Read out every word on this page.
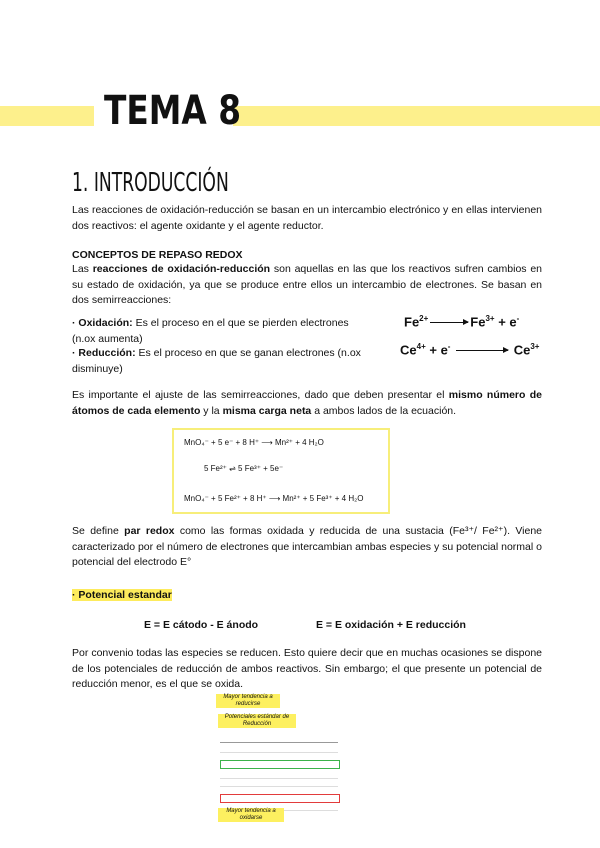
TEMA 8
1. INTRODUCCIÓN
Las reacciones de oxidación-reducción se basan en un intercambio electrónico y en ellas intervienen dos reactivos: el agente oxidante y el agente reductor.
CONCEPTOS DE REPASO REDOX
Las reacciones de oxidación-reducción son aquellas en las que los reactivos sufren cambios en su estado de oxidación, ya que se produce entre ellos un intercambio de electrones. Se basan en dos semirreacciones:
· Oxidación: Es el proceso en el que se pierden electrones (n.ox aumenta)
· Reducción: Es el proceso en que se ganan electrones (n.ox disminuye)
$Fe^{2+}$	$Fe^{3+} + e^-$
$Ce^{4+} + e^-$	$Ce^{3+}$
Es importante el ajuste de las semirreacciones, dado que deben presentar el mismo número de átomos de cada elemento y la misma carga neta a ambos lados de la ecuación.
MnO₄⁻ + 5 e⁻ + 8 H⁺ ⟶ Mn²⁺ + 4 H₂O
5 Fe²⁺ ⇌ 5 Fe³⁺ + 5e⁻
MnO₄⁻ + 5 Fe²⁺ + 8 H⁺ ⟶ Mn²⁺ + 5 Fe³⁺ + 4 H₂O
Se define par redox como las formas oxidada y reducida de una sustacia (Fe³⁺/ Fe²⁺). Viene caracterizado por el número de electrones que intercambian ambas especies y su potencial normal o potencial del electrodo E°
· Potencial estandar
E = E cátodo - E ánodo	E = E oxidación + E reducción
Por convenio todas las especies se reducen. Esto quiere decir que en muchas ocasiones se dispone de los potenciales de reducción de ambos reactivos. Sin embargo; el que presente un potencial de reducción menor, es el que se oxida.
Mayor tendencia a reducirse
Potenciales estándar de Reducción
Mayor tendencia a oxidarse
